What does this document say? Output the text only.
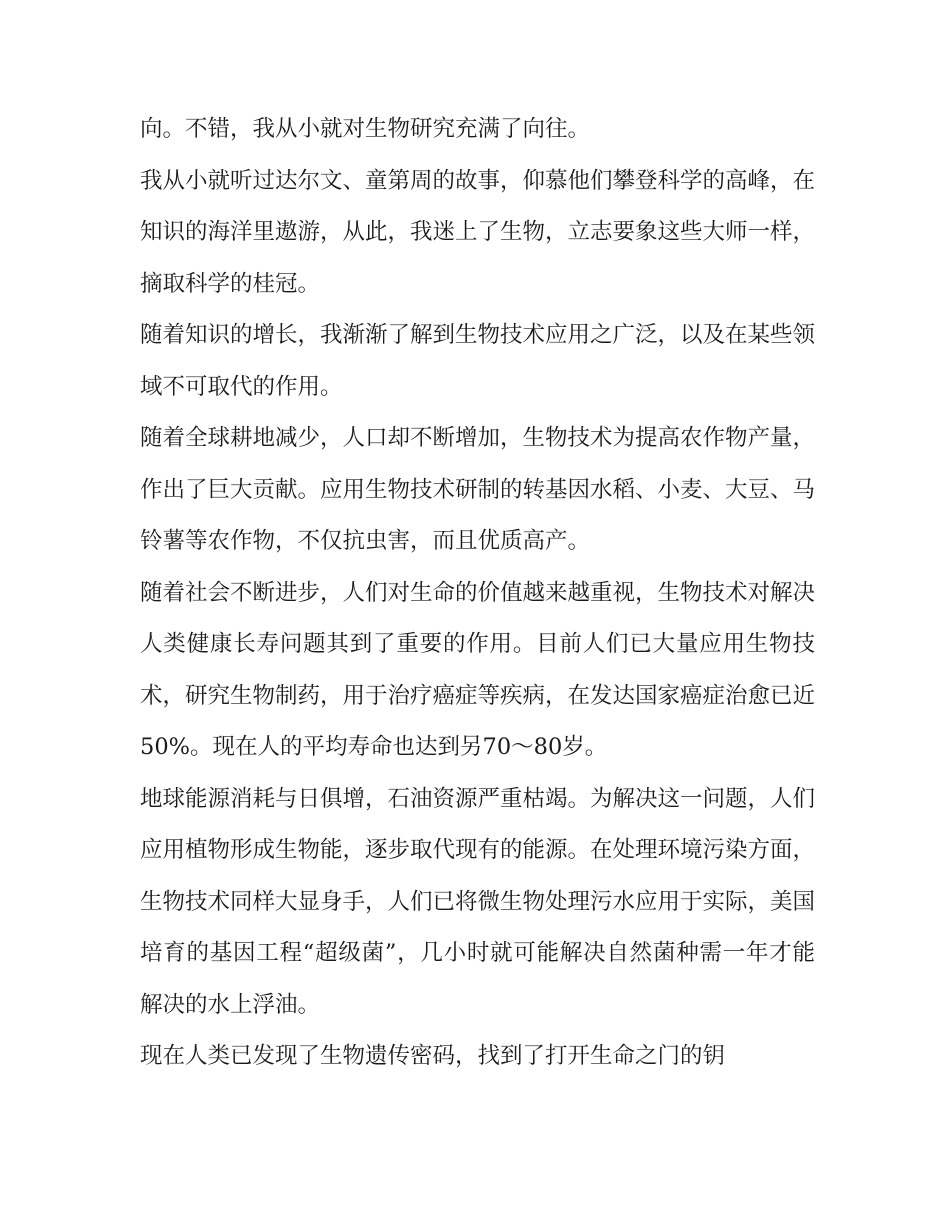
向。不错，我从小就对生物研究充满了向往。

我从小就听过达尔文、童第周的故事，仰慕他们攀登科学的高峰，在知识的海洋里遨游，从此，我迷上了生物，立志要象这些大师一样，摘取科学的桂冠。

随着知识的增长，我渐渐了解到生物技术应用之广泛，以及在某些领域不可取代的作用。

随着全球耕地减少，人口却不断增加，生物技术为提高农作物产量，作出了巨大贡献。应用生物技术研制的转基因水稻、小麦、大豆、马铃薯等农作物，不仅抗虫害，而且优质高产。

随着社会不断进步，人们对生命的价值越来越重视，生物技术对解决人类健康长寿问题其到了重要的作用。目前人们已大量应用生物技术，研究生物制药，用于治疗癌症等疾病，在发达国家癌症治愈已近50%。现在人的平均寿命也达到另70～80岁。

地球能源消耗与日俱增，石油资源严重枯竭。为解决这一问题，人们应用植物形成生物能，逐步取代现有的能源。在处理环境污染方面，生物技术同样大显身手，人们已将微生物处理污水应用于实际，美国培育的基因工程“超级菌”，几小时就可能解决自然菌种需一年才能解决的水上浮油。

现在人类已发现了生物遗传密码，找到了打开生命之门的钥
